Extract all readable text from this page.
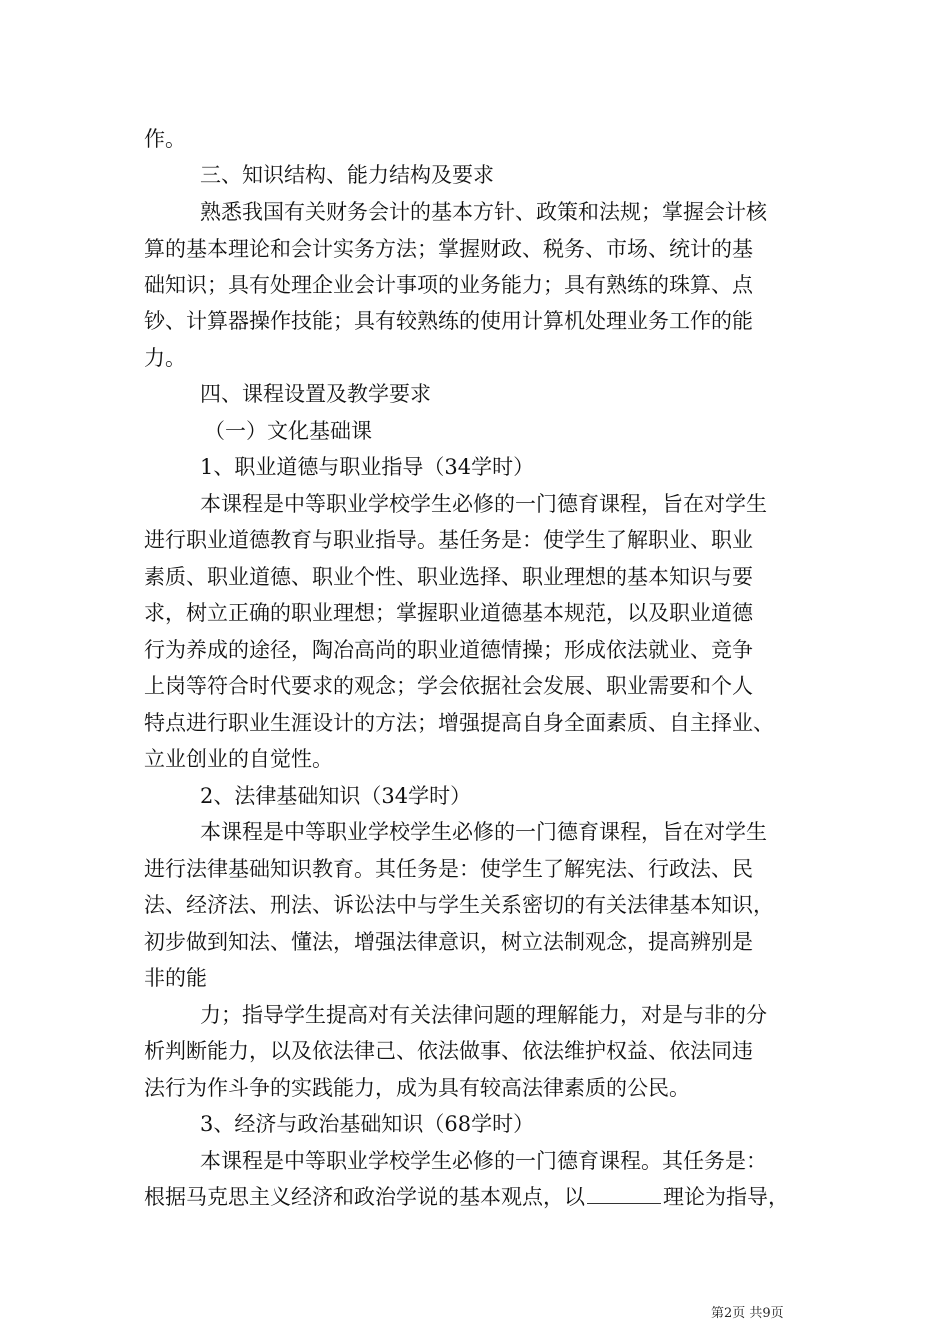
作。
三、知识结构、能力结构及要求
熟悉我国有关财务会计的基本方针、政策和法规；掌握会计核
算的基本理论和会计实务方法；掌握财政、税务、市场、统计的基
础知识；具有处理企业会计事项的业务能力；具有熟练的珠算、点
钞、计算器操作技能；具有较熟练的使用计算机处理业务工作的能
力。
四、课程设置及教学要求
（一）文化基础课
1、职业道德与职业指导（34学时）
本课程是中等职业学校学生必修的一门德育课程，旨在对学生
进行职业道德教育与职业指导。基任务是：使学生了解职业、职业
素质、职业道德、职业个性、职业选择、职业理想的基本知识与要
求，树立正确的职业理想；掌握职业道德基本规范，以及职业道德
行为养成的途径，陶冶高尚的职业道德情操；形成依法就业、竞争
上岗等符合时代要求的观念；学会依据社会发展、职业需要和个人
特点进行职业生涯设计的方法；增强提高自身全面素质、自主择业、
立业创业的自觉性。
2、法律基础知识（34学时）
本课程是中等职业学校学生必修的一门德育课程，旨在对学生
进行法律基础知识教育。其任务是：使学生了解宪法、行政法、民
法、经济法、刑法、诉讼法中与学生关系密切的有关法律基本知识，
初步做到知法、懂法，增强法律意识，树立法制观念，提高辨别是
非的能
力；指导学生提高对有关法律问题的理解能力，对是与非的分
析判断能力，以及依法律己、依法做事、依法维护权益、依法同违
法行为作斗争的实践能力，成为具有较高法律素质的公民。
3、经济与政治基础知识（68学时）
本课程是中等职业学校学生必修的一门德育课程。其任务是：
根据马克思主义经济和政治学说的基本观点，以	理论为指导，
第2页 共9页
